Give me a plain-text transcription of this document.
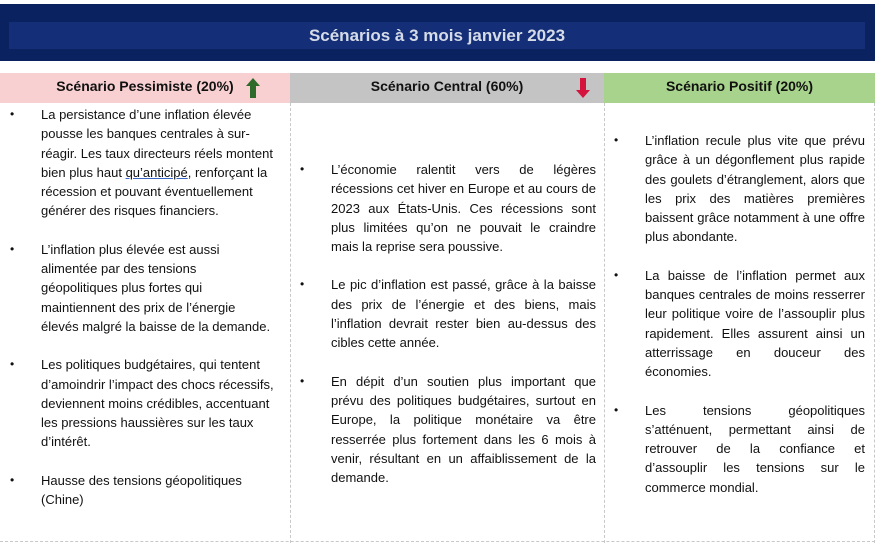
Scénarios à 3 mois janvier 2023
Scénario Pessimiste (20%)	Scénario Central (60%)	Scénario Positif (20%)
•	La persistance d’une inflation élevée pousse les banques centrales à sur-réagir. Les taux directeurs réels montent bien plus haut qu’anticipé, renforçant la récession et pouvant éventuellement générer des risques financiers.
•	L’inflation plus élevée est aussi alimentée par des tensions géopolitiques plus fortes qui maintiennent des prix de l’énergie élevés malgré la baisse de la demande.
•	Les politiques budgétaires, qui tentent d’amoindrir l’impact des chocs récessifs, deviennent moins crédibles, accentuant les pressions haussières sur les taux d’intérêt.
•	Hausse des tensions géopolitiques (Chine)
•	L’économie ralentit vers de légères récessions cet hiver en Europe et au cours de 2023 aux États-Unis. Ces récessions sont plus limitées qu’on ne pouvait le craindre mais la reprise sera poussive.
•	Le pic d’inflation est passé, grâce à la baisse des prix de l’énergie et des biens, mais l’inflation devrait rester bien au-dessus des cibles cette année.
•	En dépit d’un soutien plus important que prévu des politiques budgétaires, surtout en Europe, la politique monétaire va être resserrée plus fortement dans les 6 mois à venir, résultant en un affaiblissement de la demande.
•	L’inflation recule plus vite que prévu grâce à un dégonflement plus rapide des goulets d’étranglement, alors que les prix des matières premières baissent grâce notamment à une offre plus abondante.
•	La baisse de l’inflation permet aux banques centrales de moins resserrer leur politique voire de l’assouplir plus rapidement. Elles assurent ainsi un atterrissage en douceur des économies.
•	Les tensions géopolitiques s’atténuent, permettant ainsi de retrouver de la confiance et d’assouplir les tensions sur le commerce mondial.
